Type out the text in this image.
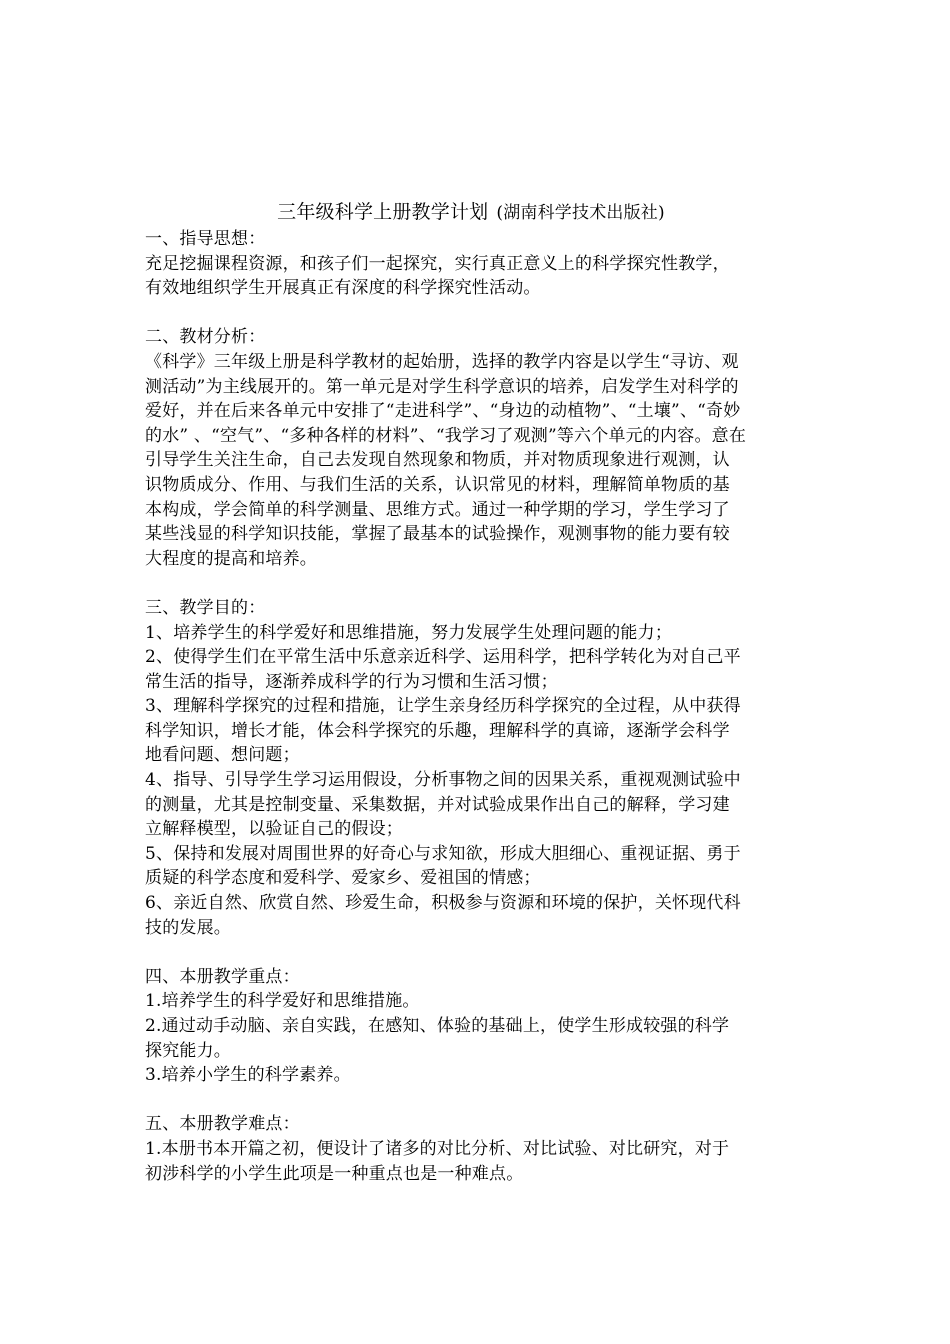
三年级科学上册教学计划 (湖南科学技术出版社)
一、指导思想：
充足挖掘课程资源，和孩子们一起探究，实行真正意义上的科学探究性教学，
有效地组织学生开展真正有深度的科学探究性活动。
二、教材分析：
《科学》三年级上册是科学教材的起始册，选择的教学内容是以学生“寻访、观
测活动”为主线展开的。第一单元是对学生科学意识的培养，启发学生对科学的
爱好，并在后来各单元中安排了“走进科学”、“身边的动植物”、“土壤”、“奇妙
的水” 、“空气”、“多种各样的材料”、“我学习了观测”等六个单元的内容。意在
引导学生关注生命，自己去发现自然现象和物质，并对物质现象进行观测，认
识物质成分、作用、与我们生活的关系，认识常见的材料，理解简单物质的基
本构成，学会简单的科学测量、思维方式。通过一种学期的学习，学生学习了
某些浅显的科学知识技能，掌握了最基本的试验操作，观测事物的能力要有较
大程度的提高和培养。
三、教学目的：
1、培养学生的科学爱好和思维措施，努力发展学生处理问题的能力；
2、使得学生们在平常生活中乐意亲近科学、运用科学，把科学转化为对自己平
常生活的指导，逐渐养成科学的行为习惯和生活习惯；
3、理解科学探究的过程和措施，让学生亲身经历科学探究的全过程，从中获得
科学知识，增长才能，体会科学探究的乐趣，理解科学的真谛，逐渐学会科学
地看问题、想问题；
4、指导、引导学生学习运用假设，分析事物之间的因果关系，重视观测试验中
的测量，尤其是控制变量、采集数据，并对试验成果作出自己的解释，学习建
立解释模型，以验证自己的假设；
5、保持和发展对周围世界的好奇心与求知欲，形成大胆细心、重视证据、勇于
质疑的科学态度和爱科学、爱家乡、爱祖国的情感；
6、亲近自然、欣赏自然、珍爱生命，积极参与资源和环境的保护，关怀现代科
技的发展。
四、本册教学重点：
1.培养学生的科学爱好和思维措施。
2.通过动手动脑、亲自实践，在感知、体验的基础上，使学生形成较强的科学
探究能力。
3.培养小学生的科学素养。
五、本册教学难点：
1.本册书本开篇之初，便设计了诸多的对比分析、对比试验、对比研究，对于
初涉科学的小学生此项是一种重点也是一种难点。
